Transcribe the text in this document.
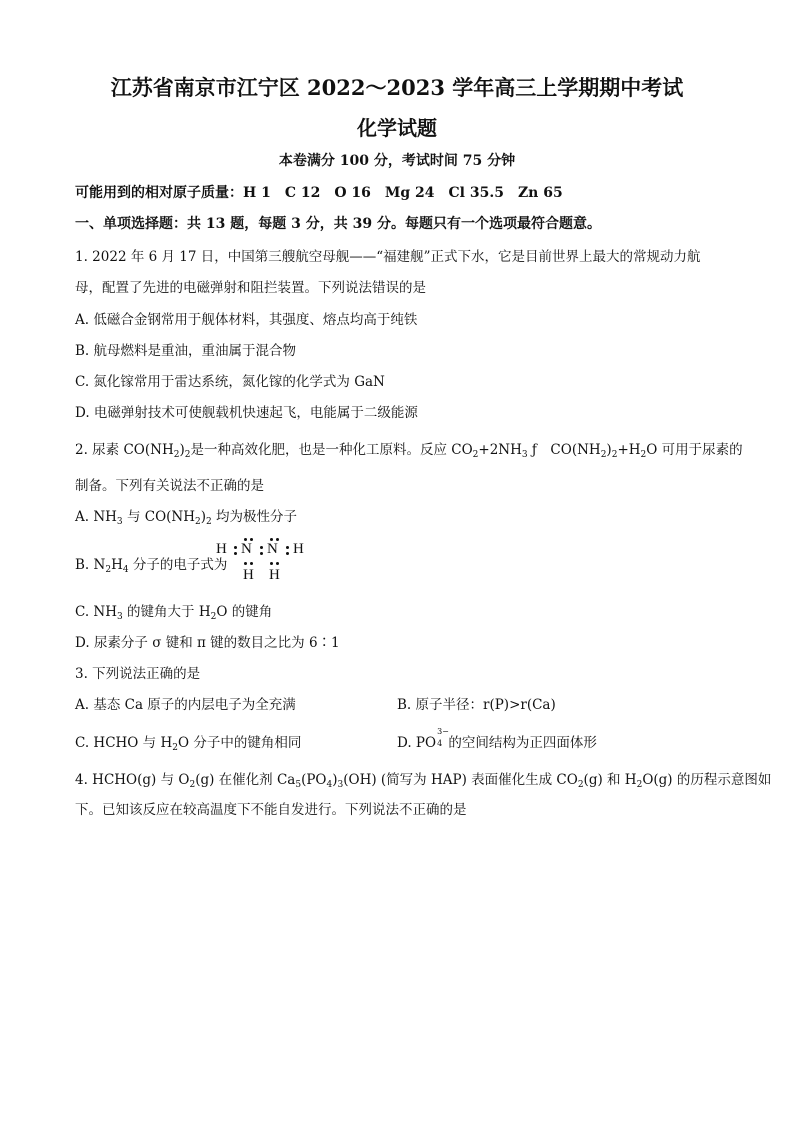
江苏省南京市江宁区 2022～2023 学年高三上学期期中考试
化学试题
本卷满分 100 分，考试时间 75 分钟
可能用到的相对原子质量：H 1　C 12　O 16　Mg 24　Cl 35.5　Zn 65
一、单项选择题：共 13 题，每题 3 分，共 39 分。每题只有一个选项最符合题意。
1. 2022 年 6 月 17 日，中国第三艘航空母舰——“福建舰”正式下水，它是目前世界上最大的常规动力航
母，配置了先进的电磁弹射和阻拦装置。下列说法错误的是
A. 低磁合金钢常用于舰体材料，其强度、熔点均高于纯铁
B. 航母燃料是重油，重油属于混合物
C. 氮化镓常用于雷达系统，氮化镓的化学式为 GaN
D. 电磁弹射技术可使舰载机快速起飞，电能属于二级能源
2. 尿素 $CO(NH_2)_2$是一种高效化肥，也是一种化工原料。反应 $CO_2+2NH_3$ ƒ　$CO(NH_2)_2+H_2O$ 可用于尿素的
制备。下列有关说法不正确的是
A. $NH_3$ 与 $CO(NH_2)_2$ 均为极性分子
B. $N_2H_4$ 分子的电子式为
H N N H
H H
C. $NH_3$ 的键角大于 $H_2O$ 的键角
D. 尿素分子 σ 键和 π 键的数目之比为 6∶1
3. 下列说法正确的是
A. 基态 Ca 原子的内层电子为全充满	B. 原子半径：r(P)>r(Ca)
C. HCHO 与 $H_2O$ 分子中的键角相同	D. PO
3−
4 的空间结构为正四面体形
4. HCHO(g) 与 $O_2(g)$ 在催化剂 $Ca_5(PO_4)_3(OH)$ (简写为 HAP) 表面催化生成 $CO_2(g)$ 和 $H_2O(g)$ 的历程示意图如
下。已知该反应在较高温度下不能自发进行。下列说法不正确的是
